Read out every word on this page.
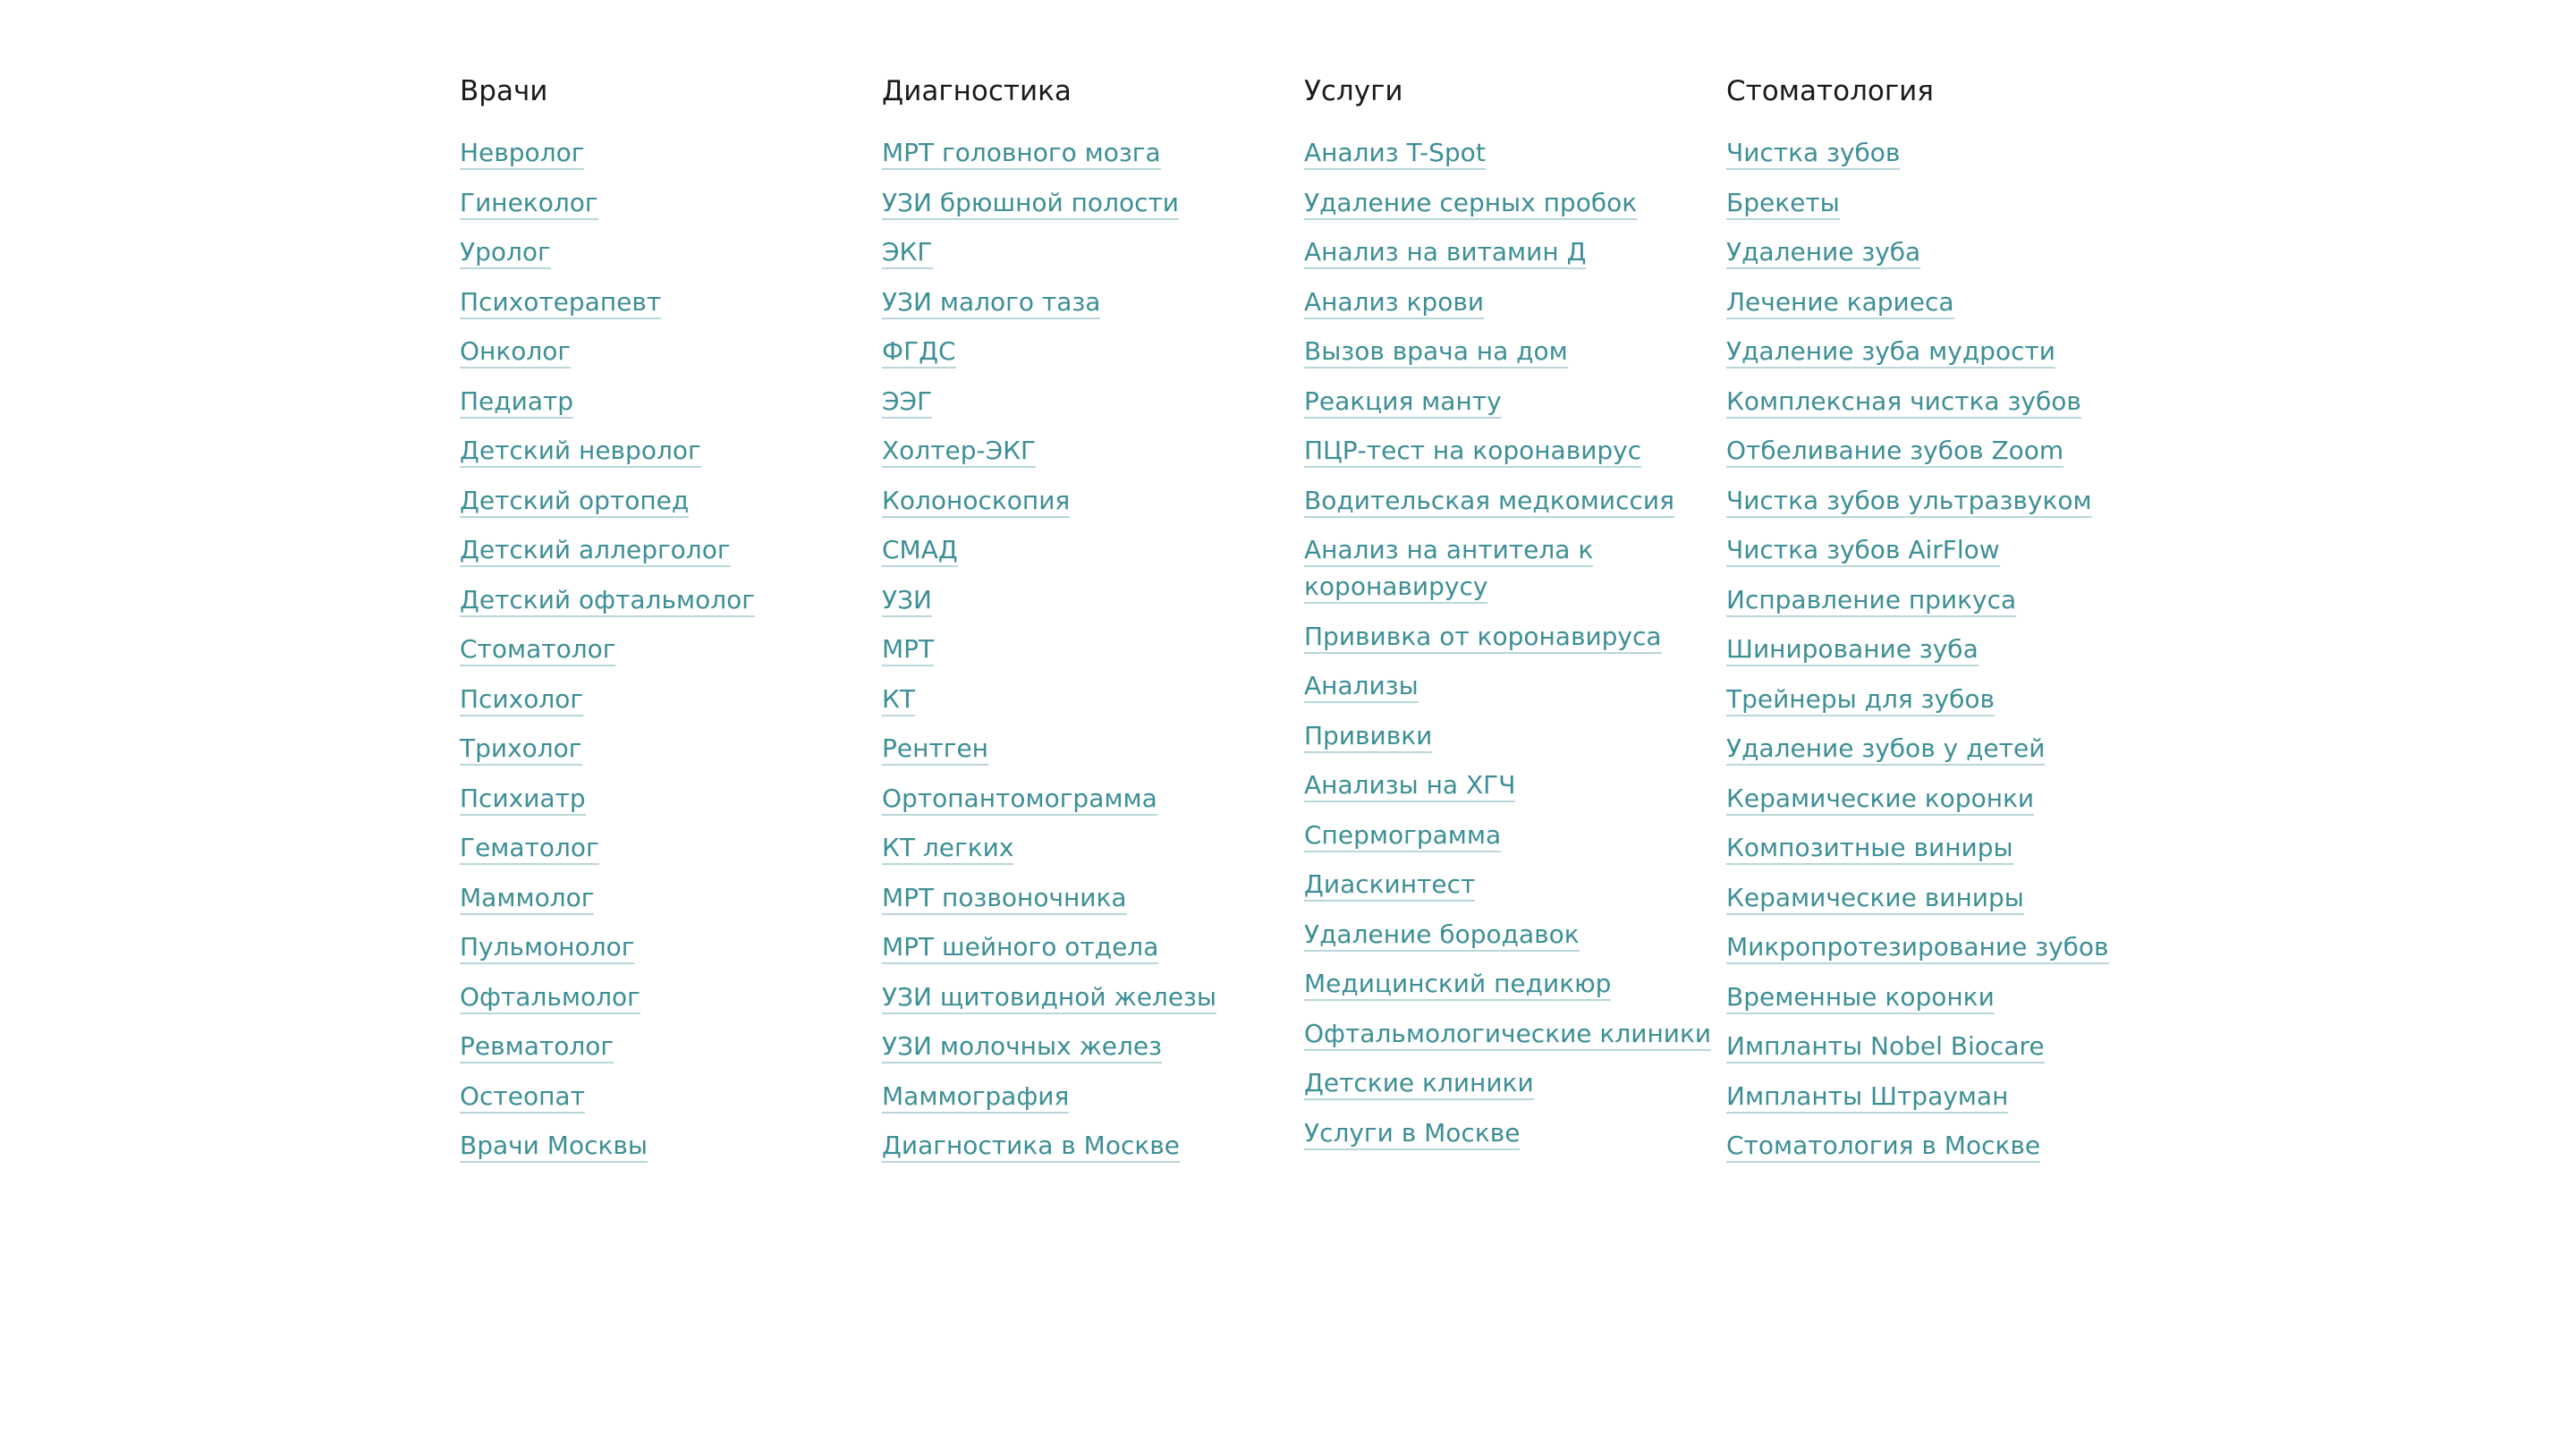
Врачи
Невролог
Гинеколог
Уролог
Психотерапевт
Онколог
Педиатр
Детский невролог
Детский ортопед
Детский аллерголог
Детский офтальмолог
Стоматолог
Психолог
Трихолог
Психиатр
Гематолог
Маммолог
Пульмонолог
Офтальмолог
Ревматолог
Остеопат
Врачи Москвы
Диагностика
МРТ головного мозга
УЗИ брюшной полости
ЭКГ
УЗИ малого таза
ФГДС
ЭЭГ
Холтер-ЭКГ
Колоноскопия
СМАД
УЗИ
МРТ
КТ
Рентген
Ортопантомограмма
КТ легких
МРТ позвоночника
МРТ шейного отдела
УЗИ щитовидной железы
УЗИ молочных желез
Маммография
Диагностика в Москве
Услуги
Анализ T-Spot
Удаление серных пробок
Анализ на витамин Д
Анализ крови
Вызов врача на дом
Реакция манту
ПЦР-тест на коронавирус
Водительская медкомиссия
Анализ на антитела к коронавирусу
Прививка от коронавируса
Анализы
Прививки
Анализы на ХГЧ
Спермограмма
Диаскинтест
Удаление бородавок
Медицинский педикюр
Офтальмологические клиники
Детские клиники
Услуги в Москве
Стоматология
Чистка зубов
Брекеты
Удаление зуба
Лечение кариеса
Удаление зуба мудрости
Комплексная чистка зубов
Отбеливание зубов Zoom
Чистка зубов ультразвуком
Чистка зубов AirFlow
Исправление прикуса
Шинирование зуба
Трейнеры для зубов
Удаление зубов у детей
Керамические коронки
Композитные виниры
Керамические виниры
Микропротезирование зубов
Временные коронки
Импланты Nobel Biocare
Импланты Штрауман
Стоматология в Москве
